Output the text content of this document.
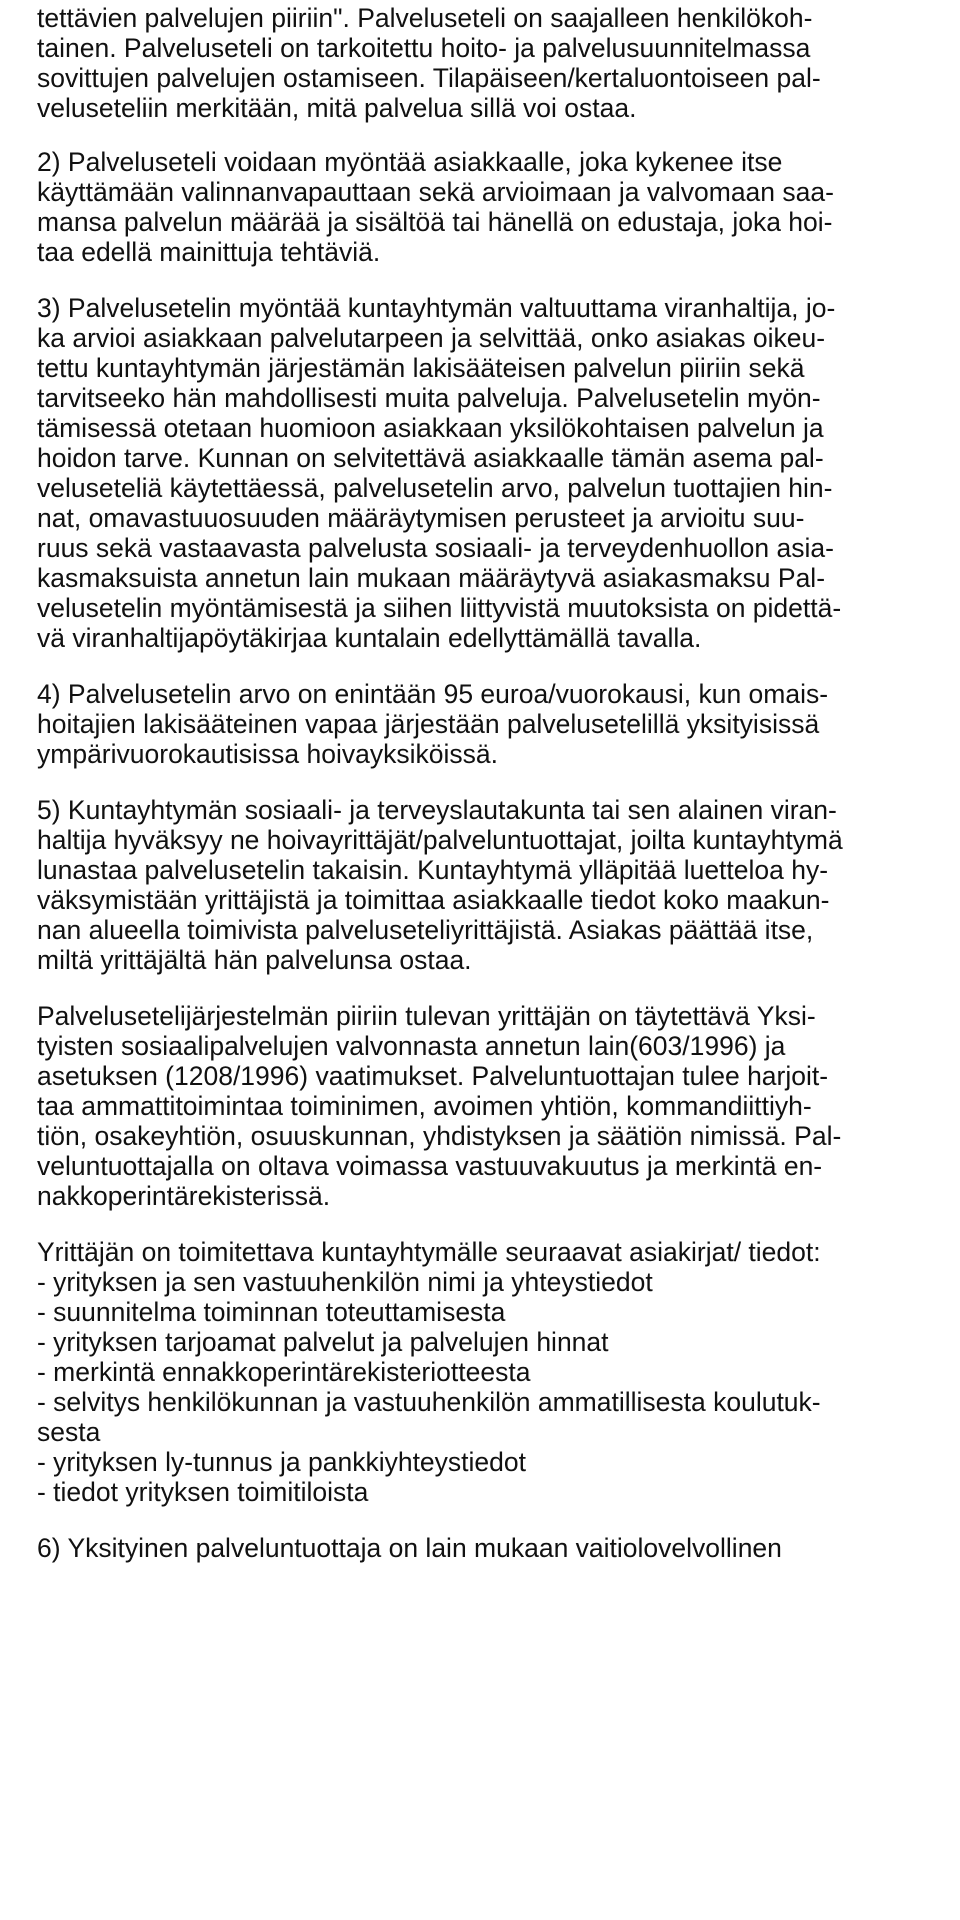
tettävien palvelujen piiriin". Palveluseteli on saajalleen henkilökoh-
tainen. Palveluseteli on tarkoitettu hoito- ja palvelusuunnitelmassa
sovittujen palvelujen ostamiseen. Tilapäiseen/kertaluontoiseen pal-
veluseteliin merkitään, mitä palvelua sillä voi ostaa.
2) Palveluseteli voidaan myöntää asiakkaalle, joka kykenee itse
käyttämään valinnanvapauttaan sekä arvioimaan ja valvomaan saa-
mansa palvelun määrää ja sisältöä tai hänellä on edustaja, joka hoi-
taa edellä mainittuja tehtäviä.
3) Palvelusetelin myöntää kuntayhtymän valtuuttama viranhaltija, jo-
ka arvioi asiakkaan palvelutarpeen ja selvittää, onko asiakas oikeu-
tettu kuntayhtymän järjestämän lakisääteisen palvelun piiriin sekä
tarvitseeko hän mahdollisesti muita palveluja. Palvelusetelin myön-
tämisessä otetaan huomioon asiakkaan yksilökohtaisen palvelun ja
hoidon tarve. Kunnan on selvitettävä asiakkaalle tämän asema pal-
veluseteliä käytettäessä, palvelusetelin arvo, palvelun tuottajien hin-
nat, omavastuuosuuden määräytymisen perusteet ja arvioitu suu-
ruus sekä vastaavasta palvelusta sosiaali- ja terveydenhuollon asia-
kasmaksuista annetun lain mukaan määräytyvä asiakasmaksu Pal-
velusetelin myöntämisestä ja siihen liittyvistä muutoksista on pidettä-
vä viranhaltijapöytäkirjaa kuntalain edellyttämällä tavalla.
4) Palvelusetelin arvo on enintään 95 euroa/vuorokausi, kun omais-
hoitajien lakisääteinen vapaa järjestään palvelusetelillä yksityisissä
ympärivuorokautisissa hoivayksiköissä.
5) Kuntayhtymän sosiaali- ja terveyslautakunta tai sen alainen viran-
haltija hyväksyy ne hoivayrittäjät/palveluntuottajat, joilta kuntayhtymä
lunastaa palvelusetelin takaisin. Kuntayhtymä ylläpitää luetteloa hy-
väksymistään yrittäjistä ja toimittaa asiakkaalle tiedot koko maakun-
nan alueella toimivista palveluseteliyrittäjistä. Asiakas päättää itse,
miltä yrittäjältä hän palvelunsa ostaa.
Palvelusetelijärjestelmän piiriin tulevan yrittäjän on täytettävä Yksi-
tyisten sosiaalipalvelujen valvonnasta annetun lain(603/1996) ja
asetuksen (1208/1996) vaatimukset. Palveluntuottajan tulee harjoit-
taa ammattitoimintaa toiminimen, avoimen yhtiön, kommandiittiyh-
tiön, osakeyhtiön, osuuskunnan, yhdistyksen ja säätiön nimissä. Pal-
veluntuottajalla on oltava voimassa vastuuvakuutus ja merkintä en-
nakkoperintärekisterissä.
Yrittäjän on toimitettava kuntayhtymälle seuraavat asiakirjat/ tiedot:
- yrityksen ja sen vastuuhenkilön nimi ja yhteystiedot
- suunnitelma toiminnan toteuttamisesta
- yrityksen tarjoamat palvelut ja palvelujen hinnat
- merkintä ennakkoperintärekisteriotteesta
- selvitys henkilökunnan ja vastuuhenkilön ammatillisesta koulutuk-
sesta
- yrityksen ly-tunnus ja pankkiyhteystiedot
- tiedot yrityksen toimitiloista
6) Yksityinen palveluntuottaja on lain mukaan vaitiolovelvollinen
